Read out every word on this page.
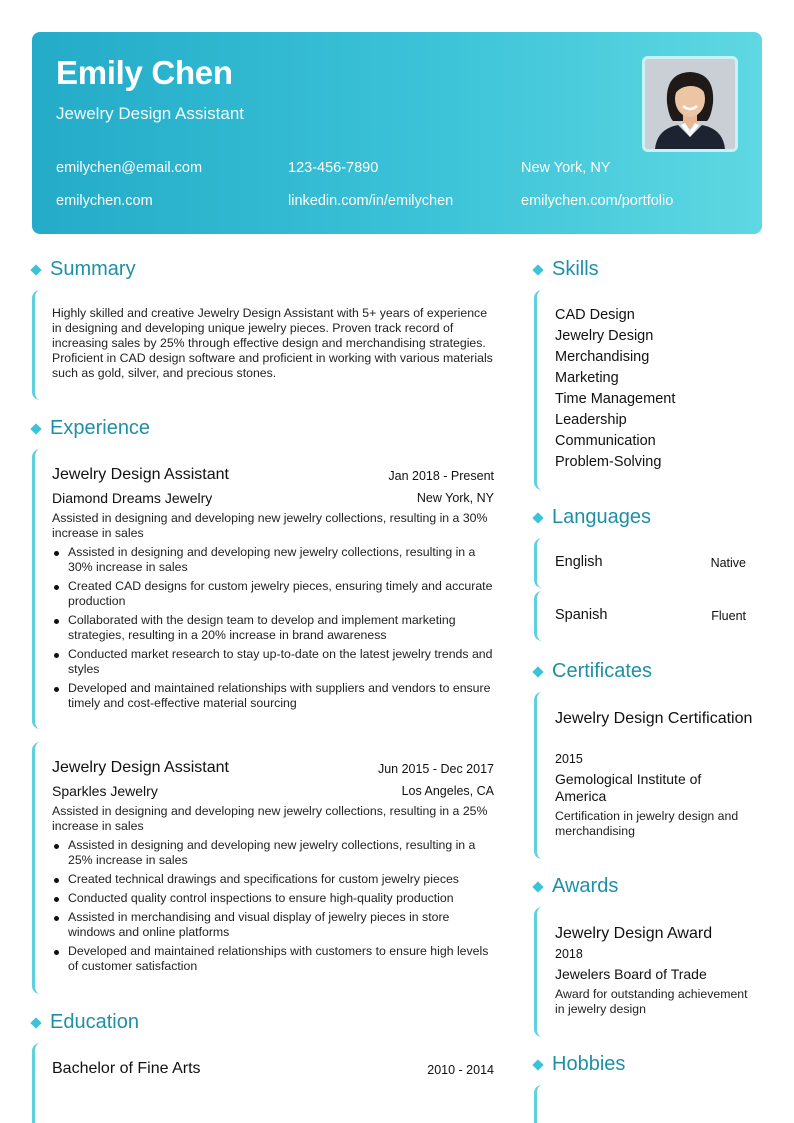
Emily Chen
Jewelry Design Assistant
emilychen@email.com	123-456-7890	New York, NY
emilychen.com	linkedin.com/in/emilychen	emilychen.com/portfolio
Summary
Highly skilled and creative Jewelry Design Assistant with 5+ years of experience in designing and developing unique jewelry pieces. Proven track record of increasing sales by 25% through effective design and merchandising strategies. Proficient in CAD design software and proficient in working with various materials such as gold, silver, and precious stones.
Experience
Jewelry Design Assistant	Jan 2018 - Present
Diamond Dreams Jewelry	New York, NY
Assisted in designing and developing new jewelry collections, resulting in a 30% increase in sales
Assisted in designing and developing new jewelry collections, resulting in a 30% increase in sales
Created CAD designs for custom jewelry pieces, ensuring timely and accurate production
Collaborated with the design team to develop and implement marketing strategies, resulting in a 20% increase in brand awareness
Conducted market research to stay up-to-date on the latest jewelry trends and styles
Developed and maintained relationships with suppliers and vendors to ensure timely and cost-effective material sourcing
Jewelry Design Assistant	Jun 2015 - Dec 2017
Sparkles Jewelry	Los Angeles, CA
Assisted in designing and developing new jewelry collections, resulting in a 25% increase in sales
Assisted in designing and developing new jewelry collections, resulting in a 25% increase in sales
Created technical drawings and specifications for custom jewelry pieces
Conducted quality control inspections to ensure high-quality production
Assisted in merchandising and visual display of jewelry pieces in store windows and online platforms
Developed and maintained relationships with customers to ensure high levels of customer satisfaction
Education
Bachelor of Fine Arts	2010 - 2014
Skills
CAD Design
Jewelry Design
Merchandising
Marketing
Time Management
Leadership
Communication
Problem-Solving
Languages
English	Native
Spanish	Fluent
Certificates
Jewelry Design Certification
2015
Gemological Institute of America
Certification in jewelry design and merchandising
Awards
Jewelry Design Award
2018
Jewelers Board of Trade
Award for outstanding achievement in jewelry design
Hobbies
